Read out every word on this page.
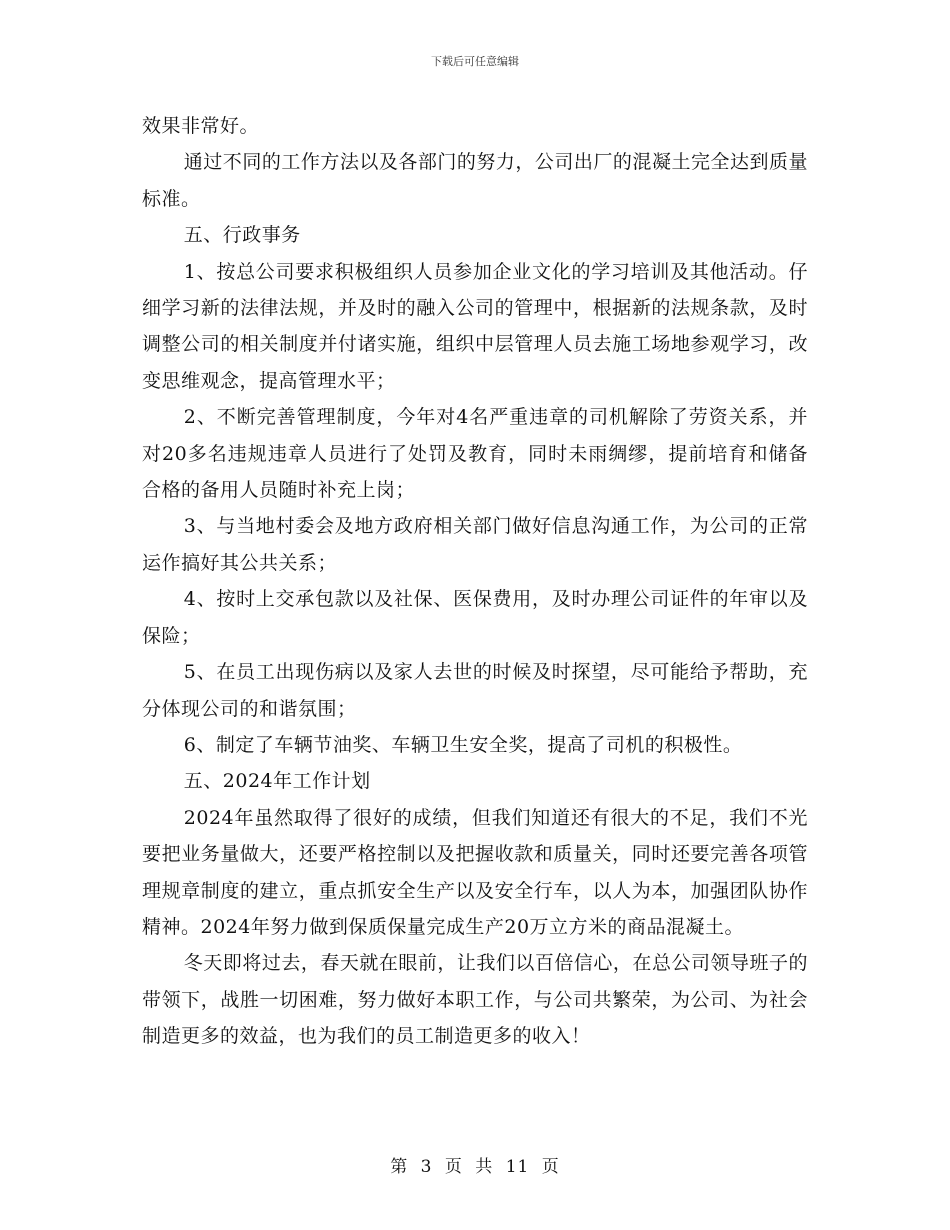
下载后可任意编辑

效果非常好。

通过不同的工作方法以及各部门的努力，公司出厂的混凝土完全达到质量标准。

五、行政事务

1、按总公司要求积极组织人员参加企业文化的学习培训及其他活动。仔细学习新的法律法规，并及时的融入公司的管理中，根据新的法规条款，及时调整公司的相关制度并付诸实施，组织中层管理人员去施工场地参观学习，改变思维观念，提高管理水平；

2、不断完善管理制度，今年对4名严重违章的司机解除了劳资关系，并对20多名违规违章人员进行了处罚及教育，同时未雨绸缪，提前培育和储备合格的备用人员随时补充上岗；

3、与当地村委会及地方政府相关部门做好信息沟通工作，为公司的正常运作搞好其公共关系；

4、按时上交承包款以及社保、医保费用，及时办理公司证件的年审以及保险；

5、在员工出现伤病以及家人去世的时候及时探望，尽可能给予帮助，充分体现公司的和谐氛围；

6、制定了车辆节油奖、车辆卫生安全奖，提高了司机的积极性。

五、2024年工作计划

2024年虽然取得了很好的成绩，但我们知道还有很大的不足，我们不光要把业务量做大，还要严格控制以及把握收款和质量关，同时还要完善各项管理规章制度的建立，重点抓安全生产以及安全行车，以人为本，加强团队协作精神。2024年努力做到保质保量完成生产20万立方米的商品混凝土。

冬天即将过去，春天就在眼前，让我们以百倍信心，在总公司领导班子的带领下，战胜一切困难，努力做好本职工作，与公司共繁荣，为公司、为社会制造更多的效益，也为我们的员工制造更多的收入！

第 3 页 共 11 页
